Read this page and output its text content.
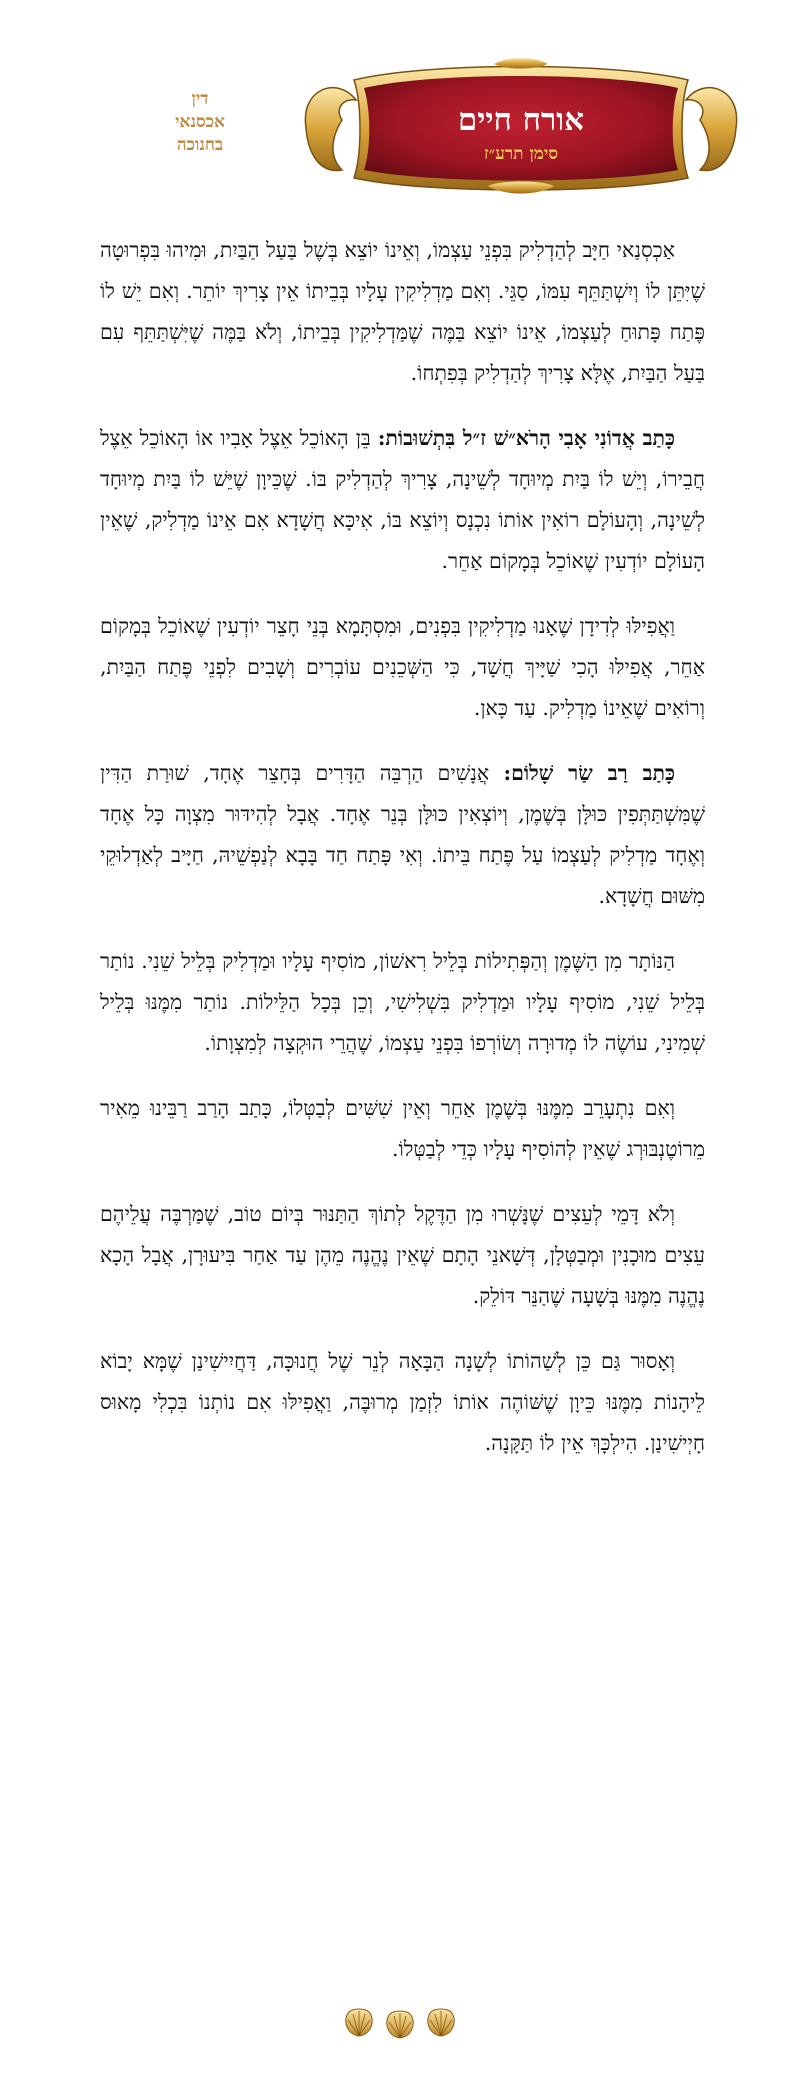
דין
אכסנאי
בחנוכה
אורח חיים
סימן תרע״ז

אַכְסְנַאי חַיָּב לְהַדְלִיק בִּפְנֵי עַצְמוֹ, וְאֵינוֹ יוֹצֵא בְּשֶׁל בַּעַל הַבַּיִת, וּמִיהוּ בִּפְרוּטָה שֶׁיִּתֵּן לוֹ וְיִשְׁתַּתֵּף עִמּוֹ, סַגֵּי. וְאִם מַדְלִיקִין עָלָיו בְּבֵיתוֹ אֵין צָרִיךְ יוֹתֵר. וְאִם יֵשׁ לוֹ פֶּתַח פָּתוּחַ לְעַצְמוֹ, אֵינוֹ יוֹצֵא בַּמֶּה שֶׁמַּדְלִיקִין בְּבֵיתוֹ, וְלֹא בַּמֶּה שֶׁיִּשְׁתַּתֵּף עִם בַּעַל הַבַּיִת, אֶלָּא צָרִיךְ לְהַדְלִיק בְּפִתְחוֹ.

כָּתַב אֲדוֹנִי אָבִי הָרֹא״שׁ ז״ל בִּתְשׁוּבוֹת: בֵּן הָאוֹכֵל אֵצֶל אָבִיו אוֹ הָאוֹכֵל אֵצֶל חֲבֵירוֹ, וְיֵשׁ לוֹ בַּיִת מְיוּחָד לְשֵׁינָה, צָרִיךְ לְהַדְלִיק בּוֹ. שֶׁכֵּיוָן שֶׁיֵּשׁ לוֹ בַּיִת מְיוּחָד לְשֵׁינָה, וְהָעוֹלָם רוֹאִין אוֹתוֹ נִכְנָס וְיוֹצֵא בּוֹ, אִיכָּא חֲשָׁדָא אִם אֵינוֹ מַדְלִיק, שֶׁאֵין הָעוֹלָם יוֹדְעִין שֶׁאוֹכֵל בְּמָקוֹם אַחֵר.

וַאֲפִילּוּ לְדִידָן שֶׁאָנוּ מַדְלִיקִין בִּפְנִים, וּמִסְתָּמָא בְּנֵי חָצֵר יוֹדְעִין שֶׁאוֹכֵל בְּמָקוֹם אַחֵר, אֲפִילּוּ הָכִי שַׁיָּיךְ חֲשָׁד, כִּי הַשְּׁכֵנִים עוֹבְרִים וְשָׁבִים לִפְנֵי פֶּתַח הַבַּיִת, וְרוֹאִים שֶׁאֵינוֹ מַדְלִיק. עַד כָּאן.

כָּתַב רַב שַׂר שָׁלוֹם: אֲנָשִׁים הַרְבֵּה הַדָּרִים בְּחָצֵר אֶחָד, שׁוּרַת הַדִּין שֶׁמִּשְׁתַּתְּפִין כּוּלָּן בְּשֶׁמֶן, וְיוֹצְאִין כּוּלָּן בְּנֵר אֶחָד. אֲבָל לְהִידּוּר מִצְוָה כָּל אֶחָד וְאֶחָד מַדְלִיק לְעַצְמוֹ עַל פֶּתַח בֵּיתוֹ. וְאִי פָּתַח חַד בָּבָא לְנַפְשֵׁיהּ, חַיָּיב לְאַדְלוּקֵי מִשּׁוּם חֲשָׁדָא.

הַנּוֹתָר מִן הַשֶּׁמֶן וְהַפְּתִילוֹת בְּלֵיל רִאשׁוֹן, מוֹסִיף עָלָיו וּמַדְלִיק בְּלֵיל שֵׁנִי. נוֹתַר בְּלֵיל שֵׁנִי, מוֹסִיף עָלָיו וּמַדְלִיק בִּשְׁלִישִׁי, וְכֵן בְּכָל הַלֵּילוֹת. נוֹתַר מִמֶּנּוּ בְּלֵיל שְׁמִינִי, עוֹשֶׂה לוֹ מְדוּרָה וְשׂוֹרְפוֹ בִּפְנֵי עַצְמוֹ, שֶׁהֲרֵי הוּקְצָה לְמִצְוָתוֹ.

וְאִם נִתְעָרֵב מִמֶּנּוּ בְּשֶׁמֶן אַחֵר וְאֵין שִׁשִּׁים לְבַטְּלוֹ, כָּתַב הָרַב רַבֵּינוּ מֵאִיר מֵרוֹטֶנְבּוּרְג שֶׁאֵין לְהוֹסִיף עָלָיו כְּדֵי לְבַטְּלוֹ.

וְלֹא דָּמֵי לְעֵצִים שֶׁנָּשְׁרוּ מִן הַדֶּקֶל לְתוֹךְ הַתַּנּוּר בְּיוֹם טוֹב, שֶׁמַּרְבֶּה עֲלֵיהֶם עֵצִים מוּכָנִין וּמְבַטְּלָן, דְּשָׁאנֵי הָתָם שֶׁאֵין נֶהֱנֶה מֵהֶן עַד אַחַר בִּיעוּרָן, אֲבָל הָכָא נֶהֱנֶה מִמֶּנּוּ בְּשָׁעָה שֶׁהַנֵּר דּוֹלֵק.

וְאָסוּר גַּם כֵּן לְשַׁהוֹתוֹ לְשָׁנָה הַבָּאָה לְנֵר שֶׁל חֲנוּכָּה, דַּחֲיִישִׁינַן שֶׁמָּא יָבוֹא לֵיהָנוֹת מִמֶּנּוּ כֵּיוָן שֶׁשּׁוֹהֶה אוֹתוֹ לִזְמַן מְרוּבֶּה, וַאֲפִילּוּ אִם נוֹתְנוֹ בִּכְלִי מָאוּס חָיְישִׁינַן. הִילְכָּךְ אֵין לוֹ תַּקָּנָה.
